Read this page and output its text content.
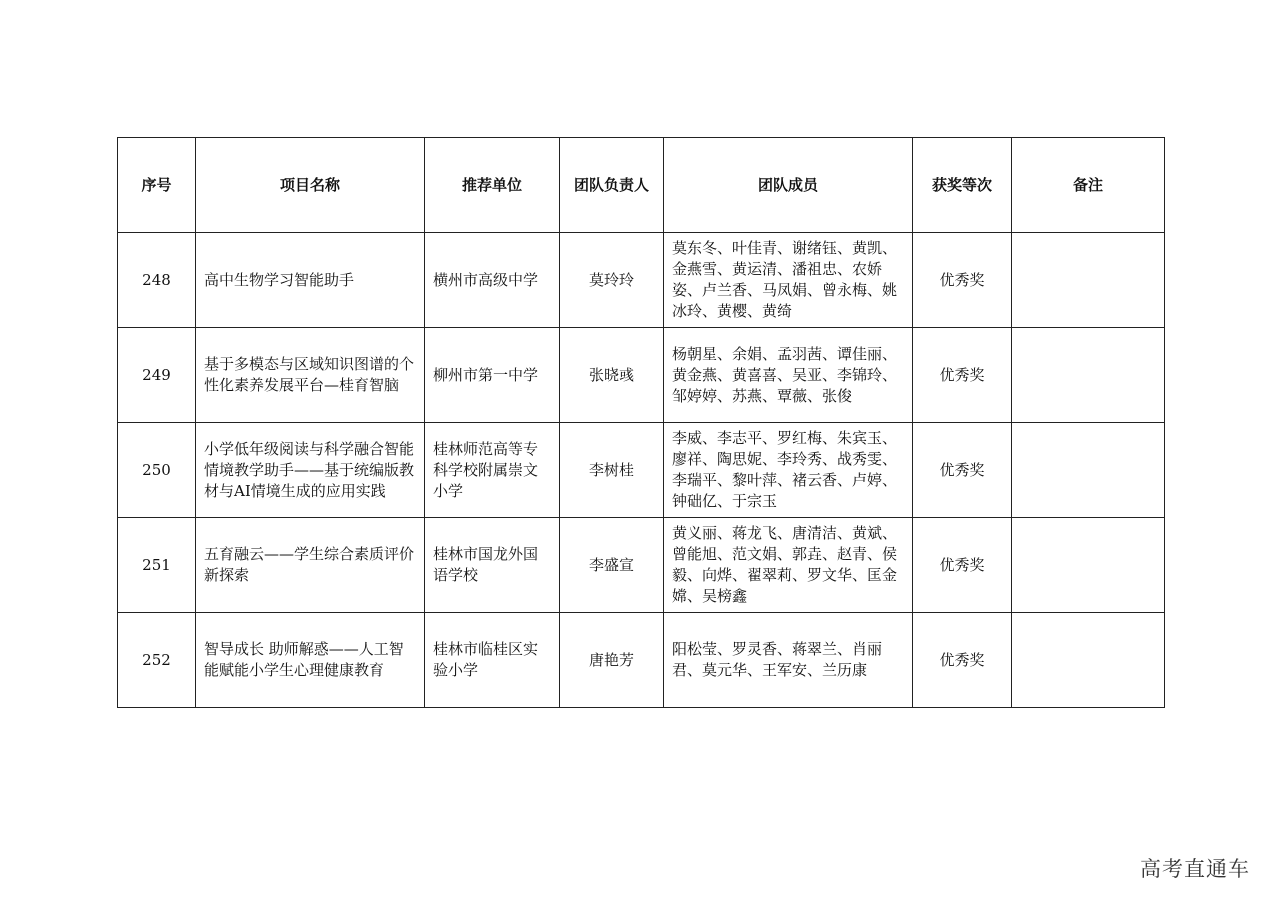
序号	项目名称	推荐单位	团队负责人	团队成员	获奖等次	备注
248	高中生物学习智能助手	横州市高级中学	莫玲玲	莫东冬、叶佳青、谢绪钰、黄凯、金燕雪、黄运清、潘祖忠、农娇姿、卢兰香、马凤娟、曾永梅、姚冰玲、黄樱、黄绮	优秀奖	
249	基于多模态与区域知识图谱的个性化素养发展平台—桂育智脑	柳州市第一中学	张晓彧	杨朝星、余娟、孟羽茜、谭佳丽、黄金燕、黄喜喜、吴亚、李锦玲、邹婷婷、苏燕、覃薇、张俊	优秀奖	
250	小学低年级阅读与科学融合智能情境教学助手——基于统编版教材与AI情境生成的应用实践	桂林师范高等专科学校附属崇文小学	李树桂	李威、李志平、罗红梅、朱宾玉、廖祥、陶思妮、李玲秀、战秀雯、李瑞平、黎叶萍、褚云香、卢婷、钟础亿、于宗玉	优秀奖	
251	五育融云——学生综合素质评价新探索	桂林市国龙外国语学校	李盛宣	黄义丽、蒋龙飞、唐清洁、黄斌、曾能旭、范文娟、郭垚、赵青、侯毅、向烨、翟翠莉、罗文华、匡金嫦、吴榜鑫	优秀奖	
252	智导成长 助师解惑——人工智能赋能小学生心理健康教育	桂林市临桂区实验小学	唐艳芳	阳松莹、罗灵香、蒋翠兰、肖丽君、莫元华、王军安、兰历康	优秀奖	
高考直通车
